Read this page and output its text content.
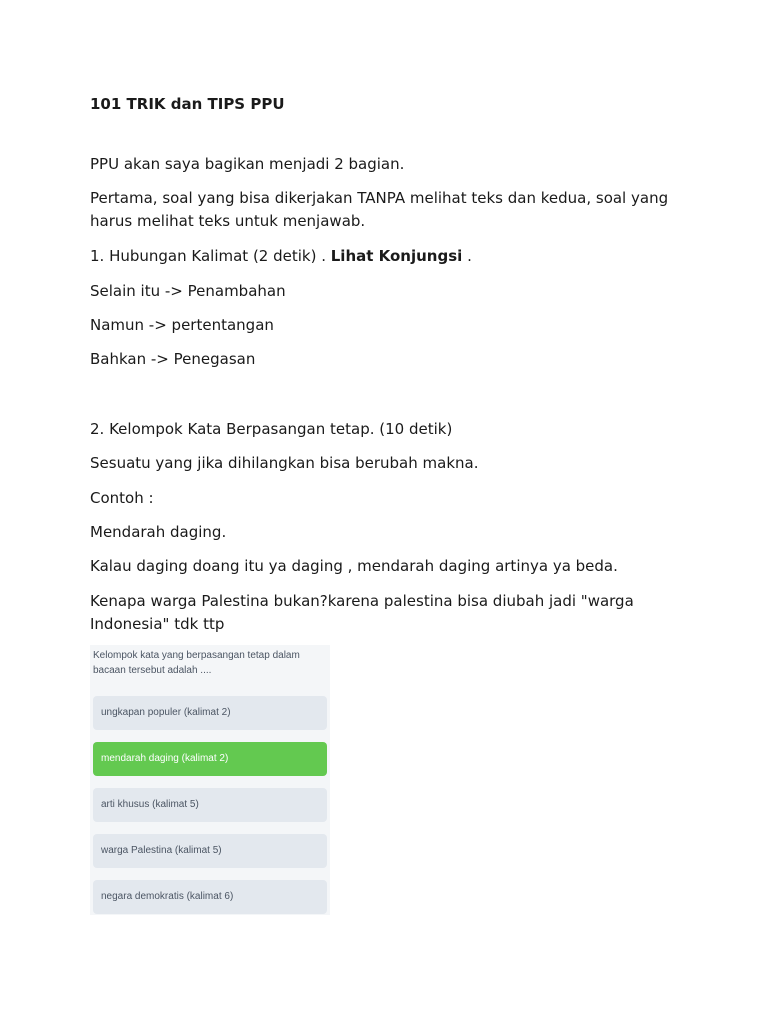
101 TRIK dan TIPS PPU
PPU akan saya bagikan menjadi 2 bagian.
Pertama, soal yang bisa dikerjakan TANPA melihat teks dan kedua, soal yang harus melihat teks untuk menjawab.
1. Hubungan Kalimat (2 detik) . Lihat Konjungsi .
Selain itu -> Penambahan
Namun -> pertentangan
Bahkan -> Penegasan
2. Kelompok Kata Berpasangan tetap. (10 detik)
Sesuatu yang jika dihilangkan bisa berubah makna.
Contoh :
Mendarah daging.
Kalau daging doang itu ya daging , mendarah daging artinya ya beda.
Kenapa warga Palestina bukan?karena palestina bisa diubah jadi "warga Indonesia" tdk ttp
Kelompok kata yang berpasangan tetap dalam bacaan tersebut adalah ....
ungkapan populer (kalimat 2)
mendarah daging (kalimat 2)
arti khusus (kalimat 5)
warga Palestina (kalimat 5)
negara demokratis (kalimat 6)
